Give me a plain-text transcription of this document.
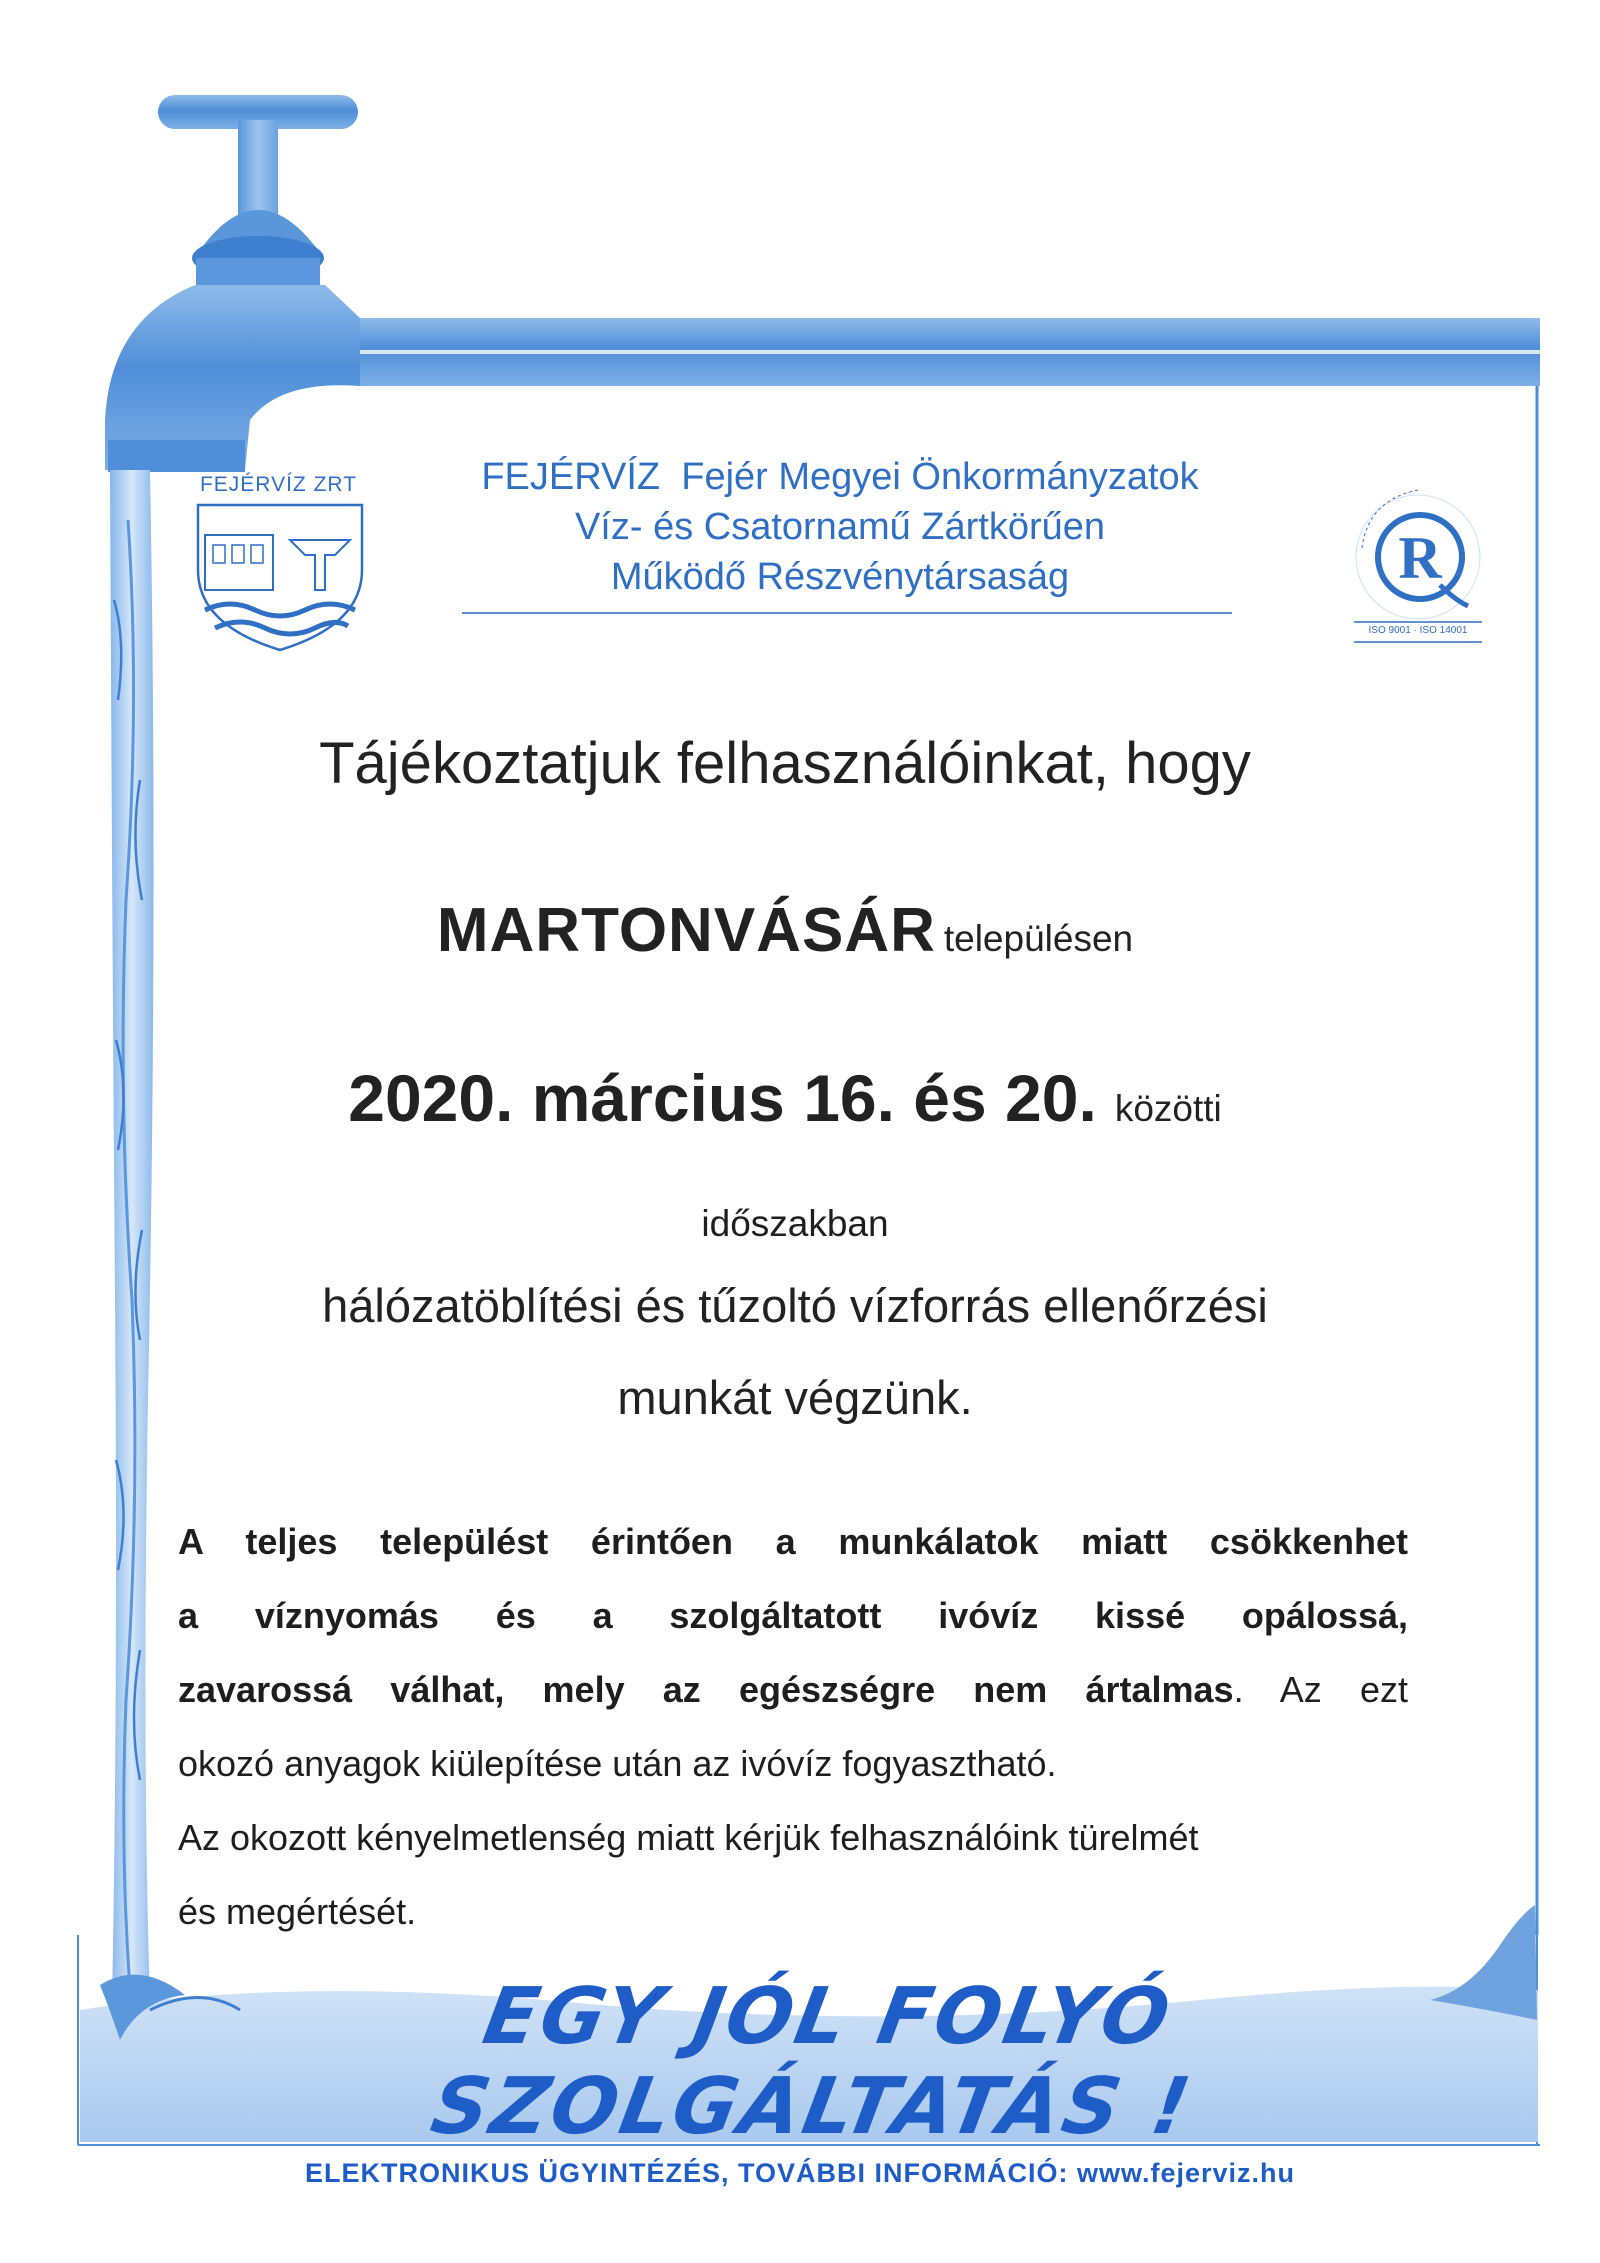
R
FEJÉRVÍZ ZRT	FEJÉRVÍZ Fejér Megyei Önkormányzatok
Víz- és Csatornamű Zártkörűen
Működő Részvénytársaság
ISO 9001 · ISO 14001
Tájékoztatjuk felhasználóinkat, hogy
MARTONVÁSÁR településen
2020. március 16. és 20. közötti
időszakban
hálózatöblítési és tűzoltó vízforrás ellenőrzési
munkát végzünk.

A teljes települést érintően a munkálatok miatt csökkenhet

a víznyomás és a szolgáltatott ivóvíz kissé opálossá,

zavarossá válhat, mely az egészségre nem ártalmas. Az ezt

okozó anyagok kiülepítése után az ivóvíz fogyasztható.

Az okozott kényelmetlenség miatt kérjük felhasználóink türelmét

és megértését.

EGY JÓL FOLYÓ SZOLGÁLTATÁS !
ELEKTRONIKUS ÜGYINTÉZÉS, TOVÁBBI INFORMÁCIÓ: www.fejerviz.hu
